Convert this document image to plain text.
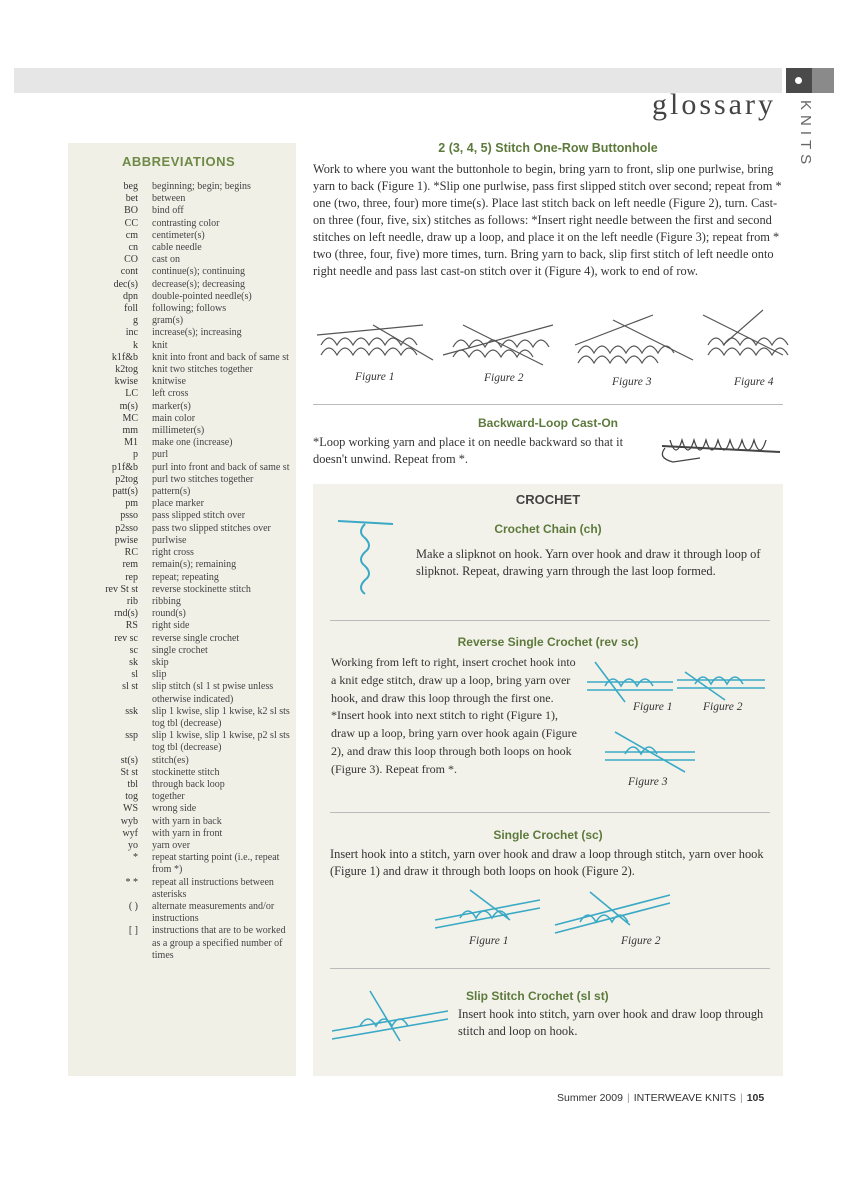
glossary	KNITS
ABBREVIATIONS
beg	beginning; begin; begins
bet	between
BO	bind off
CC	contrasting color
cm	centimeter(s)
cn	cable needle
CO	cast on
cont	continue(s); continuing
dec(s)	decrease(s); decreasing
dpn	double-pointed needle(s)
foll	following; follows
g	gram(s)
inc	increase(s); increasing
k	knit
k1f&b	knit into front and back of same st
k2tog	knit two stitches together
kwise	knitwise
LC	left cross
m(s)	marker(s)
MC	main color
mm	millimeter(s)
M1	make one (increase)
p	purl
p1f&b	purl into front and back of same st
p2tog	purl two stitches together
patt(s)	pattern(s)
pm	place marker
psso	pass slipped stitch over
p2sso	pass two slipped stitches over
pwise	purlwise
RC	right cross
rem	remain(s); remaining
rep	repeat; repeating
rev St st	reverse stockinette stitch
rib	ribbing
rnd(s)	round(s)
RS	right side
rev sc	reverse single crochet
sc	single crochet
sk	skip
sl	slip
sl st	slip stitch (sl 1 st pwise unless otherwise indicated)
ssk	slip 1 kwise, slip 1 kwise, k2 sl sts tog tbl (decrease)
ssp	slip 1 kwise, slip 1 kwise, p2 sl sts tog tbl (decrease)
st(s)	stitch(es)
St st	stockinette stitch
tbl	through back loop
tog	together
WS	wrong side
wyb	with yarn in back
wyf	with yarn in front
yo	yarn over
*	repeat starting point (i.e., repeat from *)
* *	repeat all instructions between asterisks
( )	alternate measurements and/or instructions
[ ]	instructions that are to be worked as a group a specified number of times
2 (3, 4, 5) Stitch One-Row Buttonhole
Work to where you want the buttonhole to begin, bring yarn to front, slip one purlwise, bring yarn to back (Figure 1). *Slip one purlwise, pass first slipped stitch over second; repeat from * one (two, three, four) more time(s). Place last stitch back on left needle (Figure 2), turn. Cast-on three (four, five, six) stitches as follows: *Insert right needle between the first and second stitches on left needle, draw up a loop, and place it on the left needle (Figure 3); repeat from * two (three, four, five) more times, turn. Bring yarn to back, slip first stitch of left needle onto right needle and pass last cast-on stitch over it (Figure 4), work to end of row.
Figure 1	Figure 2	Figure 3	Figure 4
Backward-Loop Cast-On
*Loop working yarn and place it on needle backward so that it doesn't unwind. Repeat from *.
CROCHET
Crochet Chain (ch)
Make a slipknot on hook. Yarn over hook and draw it through loop of slipknot. Repeat, drawing yarn through the last loop formed.
Reverse Single Crochet (rev sc)
Working from left to right, insert crochet hook into a knit edge stitch, draw up a loop, bring yarn over hook, and draw this loop through the first one. *Insert hook into next stitch to right (Figure 1), draw up a loop, bring yarn over hook again (Figure 2), and draw this loop through both loops on hook (Figure 3). Repeat from *.
Figure 1	Figure 2
Figure 3
Single Crochet (sc)
Insert hook into a stitch, yarn over hook and draw a loop through stitch, yarn over hook (Figure 1) and draw it through both loops on hook (Figure 2).
Figure 1	Figure 2
Slip Stitch Crochet (sl st)
Insert hook into stitch, yarn over hook and draw loop through stitch and loop on hook.
Summer 2009 | INTERWEAVE KNITS | 105
